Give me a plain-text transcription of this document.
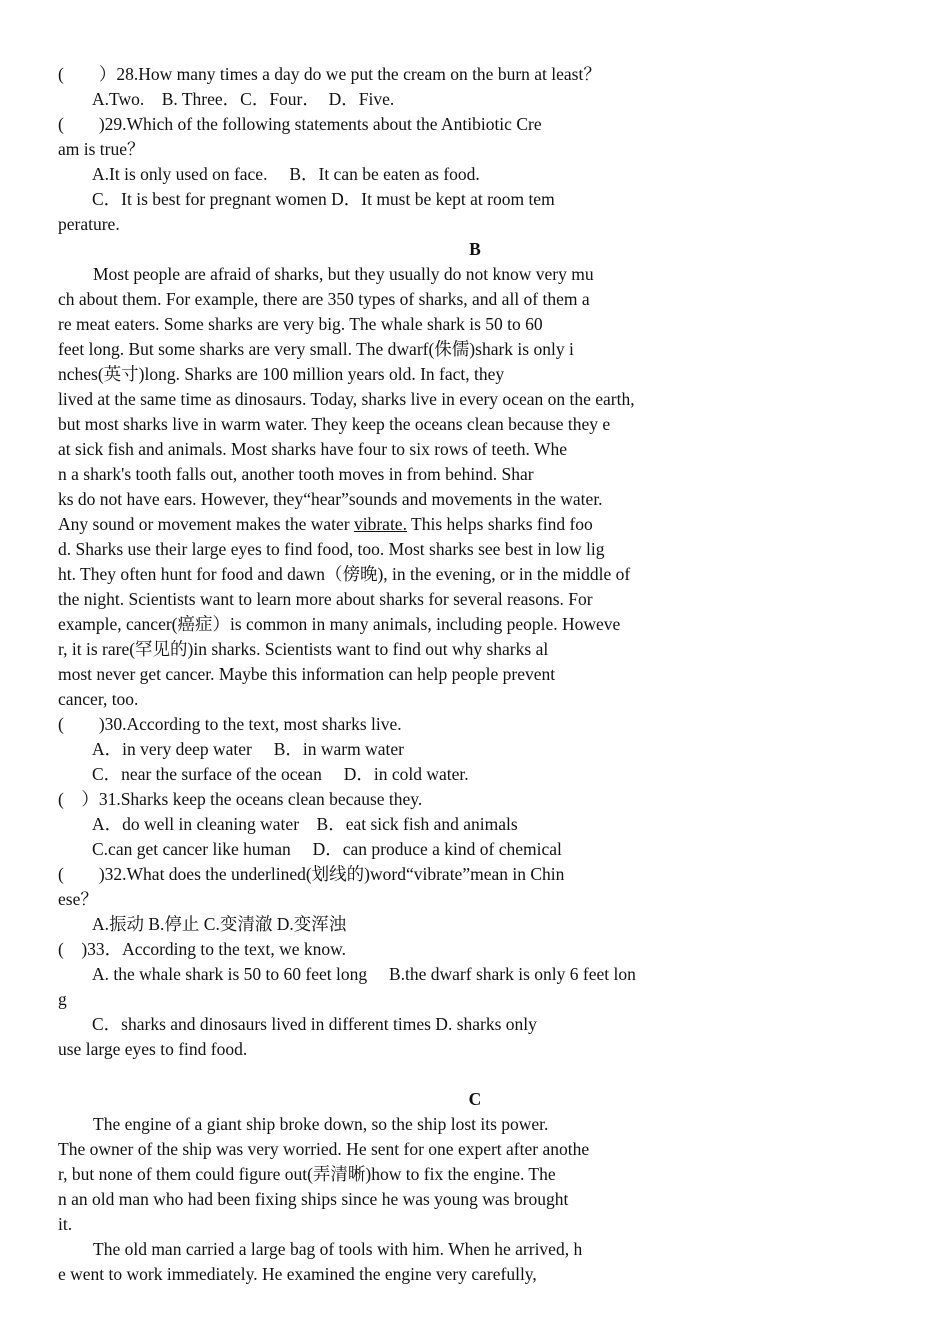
(　　）28.How many times a day do we put the cream on the burn at least？
A.Two.　B. Three．C．Four．　D．Five.
(　　)29.Which of the following statements about the Antibiotic Cre
am is true？
A.It is only used on face.　 B．It can be eaten as food.
C．It is best for pregnant women D．It must be kept at room tem
perature.
B
　　Most people are afraid of sharks, but they usually do not know very mu
ch about them. For example, there are 350 types of sharks, and all of them a
re meat eaters. Some sharks are very big. The whale shark is 50 to 60
feet long. But some sharks are very small. The dwarf(侏儒)shark is only i
nches(英寸)long. Sharks are 100 million years old. In fact, they
lived at the same time as dinosaurs. Today, sharks live in every ocean on the earth,
but most sharks live in warm water. They keep the oceans clean because they e
at sick fish and animals. Most sharks have four to six rows of teeth. Whe
n a shark's tooth falls out, another tooth moves in from behind. Shar
ks do not have ears. However, they“hear”sounds and movements in the water.
Any sound or movement makes the water vibrate. This helps sharks find foo
d. Sharks use their large eyes to find food, too. Most sharks see best in low lig
ht. They often hunt for food and dawn（傍晚), in the evening, or in the middle of
the night. Scientists want to learn more about sharks for several reasons. For
example, cancer(癌症）is common in many animals, including people. Howeve
r, it is rare(罕见的)in sharks. Scientists want to find out why sharks al
most never get cancer. Maybe this information can help people prevent
cancer, too.
(　　)30.According to the text, most sharks live.
A．in very deep water　 B．in warm water
C．near the surface of the ocean　 D．in cold water.
(　）31.Sharks keep the oceans clean because they.
A．do well in cleaning water　B．eat sick fish and animals
C.can get cancer like human　 D．can produce a kind of chemical
(　　)32.What does the underlined(划线的)word“vibrate”mean in Chin
ese？
A.振动 B.停止 C.变清澈 D.变浑浊
(　)33．According to the text, we know.
A. the whale shark is 50 to 60 feet long　 B.the dwarf shark is only 6 feet lon
g
C．sharks and dinosaurs lived in different times D. sharks only
use large eyes to find food.
C
　　The engine of a giant ship broke down, so the ship lost its power.
The owner of the ship was very worried. He sent for one expert after anothe
r, but none of them could figure out(弄清晰)how to fix the engine. The
n an old man who had been fixing ships since he was young was brought
it.
　　The old man carried a large bag of tools with him. When he arrived, h
e went to work immediately. He examined the engine very carefully,
